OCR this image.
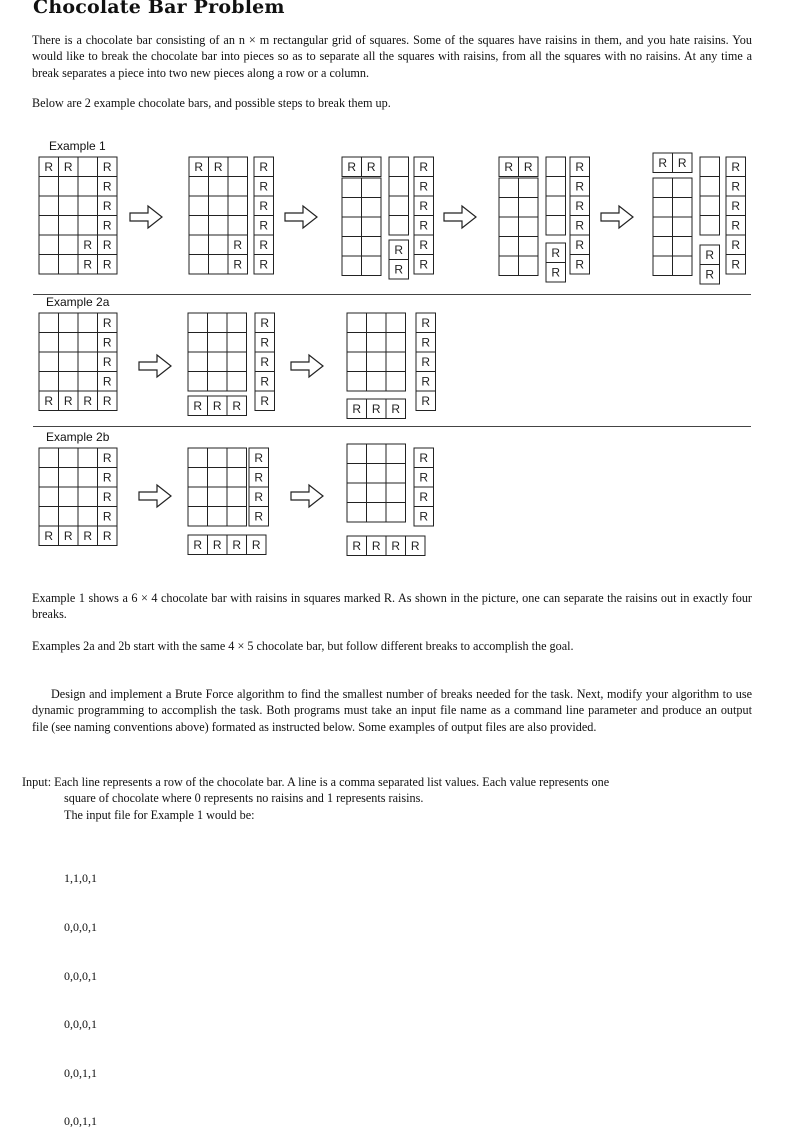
Chocolate Bar Problem

There is a chocolate bar consisting of an n × m rectangular grid of squares. Some of the squares have raisins in them, and you hate raisins. You would like to break the chocolate bar into pieces so as to separate all the squares with raisins, from all the squares with no raisins. At any time a break separates a piece into two new pieces along a row or a column.

Below are 2 example chocolate bars, and possible steps to break them up.

R R	R
R
R
R
R R
R R
R R
R
R
R
R
R
R
R
R
R R
R
R
R
R
R
R
R
R
R R
R
R
R
R
R
R
R
R
R R
R
R
R
R
R
R
R
R
R
R
R
R
R R R R
R
R
R
R
R
R R R
R
R
R
R
R
R R R
R
R
R
R
R R R R
R
R
R
R
R R R R
R
R
R
R
R R R R
Example 1
Example 2a
Example 2b

Example 1 shows a 6 × 4 chocolate bar with raisins in squares marked R. As shown in the picture, one can separate the raisins out in exactly four breaks.

Examples 2a and 2b start with the same 4 × 5 chocolate bar, but follow different breaks to accomplish the goal.

Design and implement a Brute Force algorithm to find the smallest number of breaks needed for the task. Next, modify your algorithm to use dynamic programming to accomplish the task. Both programs must take an input file name as a command line parameter and produce an output file (see naming conventions above) formated as instructed below. Some examples of output files are also provided.

Input: Each line represents a row of the chocolate bar. A line is a comma separated list values. Each value represents one
square of chocolate where 0 represents no raisins and 1 represents raisins.
The input file for Example 1 would be:

1,1,0,1

0,0,0,1

0,0,0,1

0,0,0,1

0,0,1,1

0,0,1,1
